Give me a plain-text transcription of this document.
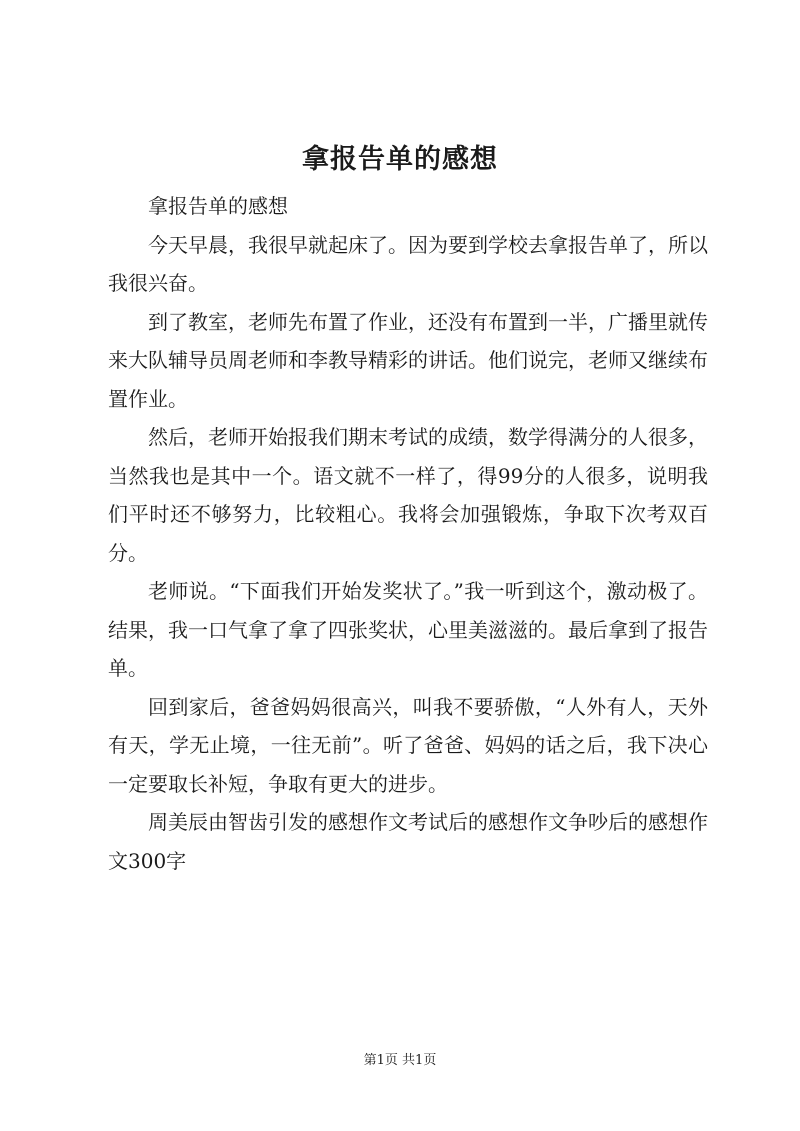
拿报告单的感想

拿报告单的感想

今天早晨，我很早就起床了。因为要到学校去拿报告单了，所以我很兴奋。

到了教室，老师先布置了作业，还没有布置到一半，广播里就传来大队辅导员周老师和李教导精彩的讲话。他们说完，老师又继续布置作业。

然后，老师开始报我们期末考试的成绩，数学得满分的人很多，当然我也是其中一个。语文就不一样了，得99分的人很多，说明我们平时还不够努力，比较粗心。我将会加强锻炼，争取下次考双百分。

老师说。“下面我们开始发奖状了。”我一听到这个，激动极了。结果，我一口气拿了拿了四张奖状，心里美滋滋的。最后拿到了报告单。

回到家后，爸爸妈妈很高兴，叫我不要骄傲，“人外有人，天外有天，学无止境，一往无前”。听了爸爸、妈妈的话之后，我下决心一定要取长补短，争取有更大的进步。

周美辰由智齿引发的感想作文考试后的感想作文争吵后的感想作文300字

第1页 共1页
